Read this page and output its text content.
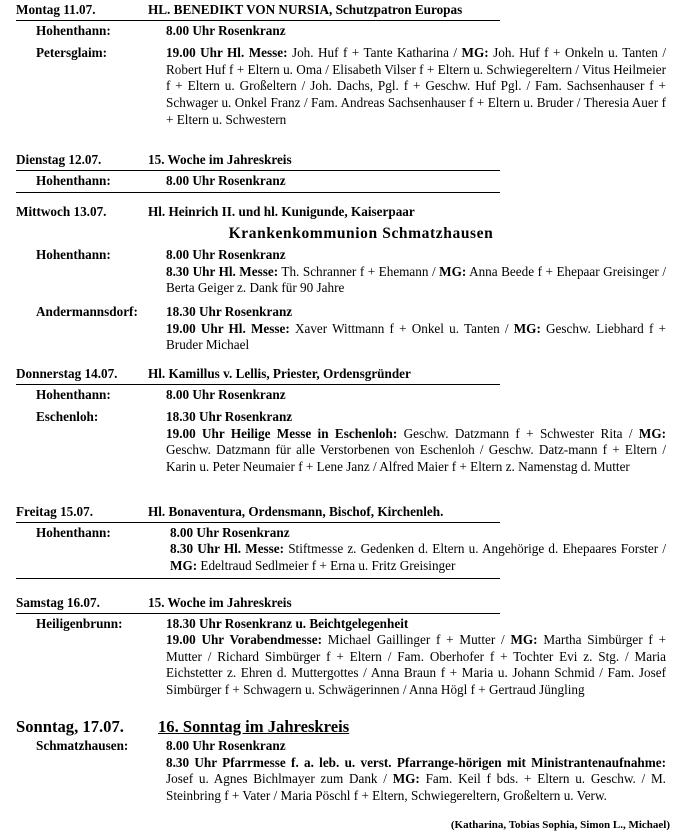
Montag 11.07.	HL. BENEDIKT VON NURSIA, Schutzpatron Europas
Hohenthann:	8.00 Uhr Rosenkranz
Petersglaim:	19.00 Uhr Hl. Messe: Joh. Huf f + Tante Katharina / MG: Joh. Huf f + Onkeln u. Tanten / Robert Huf f + Eltern u. Oma / Elisabeth Vilser f + Eltern u. Schwiegereltern / Vitus Heilmeier f + Eltern u. Großeltern / Joh. Dachs, Pgl. f + Geschw. Huf Pgl. / Fam. Sachsenhauser f + Schwager u. Onkel Franz / Fam. Andreas Sachsenhauser f + Eltern u. Bruder / Theresia Auer f + Eltern u. Schwestern
Dienstag 12.07.	15. Woche im Jahreskreis
Hohenthann:	8.00 Uhr Rosenkranz
Mittwoch 13.07.	Hl. Heinrich II. und hl. Kunigunde, Kaiserpaar
Krankenkommunion Schmatzhausen
Hohenthann:	8.00 Uhr Rosenkranz
8.30 Uhr Hl. Messe: Th. Schranner f + Ehemann / MG: Anna Beede f + Ehepaar Greisinger / Berta Geiger z. Dank für 90 Jahre
Andermannsdorf:	18.30 Uhr Rosenkranz
19.00 Uhr Hl. Messe: Xaver Wittmann f + Onkel u. Tanten / MG: Geschw. Liebhard f + Bruder Michael
Donnerstag 14.07.	Hl. Kamillus v. Lellis, Priester, Ordensgründer
Hohenthann:	8.00 Uhr Rosenkranz
Eschenloh:	18.30 Uhr Rosenkranz
19.00 Uhr Heilige Messe in Eschenloh: Geschw. Datzmann f + Schwester Rita / MG: Geschw. Datzmann für alle Verstorbenen von Eschenloh / Geschw. Datz-mann f + Eltern / Karin u. Peter Neumaier f + Lene Janz / Alfred Maier f + Eltern z. Namenstag d. Mutter
Freitag 15.07.	Hl. Bonaventura, Ordensmann, Bischof, Kirchenleh.
Hohenthann:	8.00 Uhr Rosenkranz
8.30 Uhr Hl. Messe: Stiftmesse z. Gedenken d. Eltern u. Angehörige d. Ehepaares Forster / MG: Edeltraud Sedlmeier f + Erna u. Fritz Greisinger
Samstag 16.07.	15. Woche im Jahreskreis
Heiligenbrunn:	18.30 Uhr Rosenkranz u. Beichtgelegenheit
19.00 Uhr Vorabendmesse: Michael Gaillinger f + Mutter / MG: Martha Simbürger f + Mutter / Richard Simbürger f + Eltern / Fam. Oberhofer f + Tochter Evi z. Stg. / Maria Eichstetter z. Ehren d. Muttergottes / Anna Braun f + Maria u. Johann Schmid / Fam. Josef Simbürger f + Schwagern u. Schwägerinnen / Anna Högl f + Gertraud Jüngling
Sonntag, 17.07.	16. Sonntag im Jahreskreis
Schmatzhausen:	8.00 Uhr Rosenkranz
8.30 Uhr Pfarrmesse f. a. leb. u. verst. Pfarrange-hörigen mit Ministrantenaufnahme: Josef u. Agnes Bichlmayer zum Dank / MG: Fam. Keil f bds. + Eltern u. Geschw. / M. Steinbring f + Vater / Maria Pöschl f + Eltern, Schwiegereltern, Großeltern u. Verw.
(Katharina, Tobias Sophia, Simon L., Michael)
